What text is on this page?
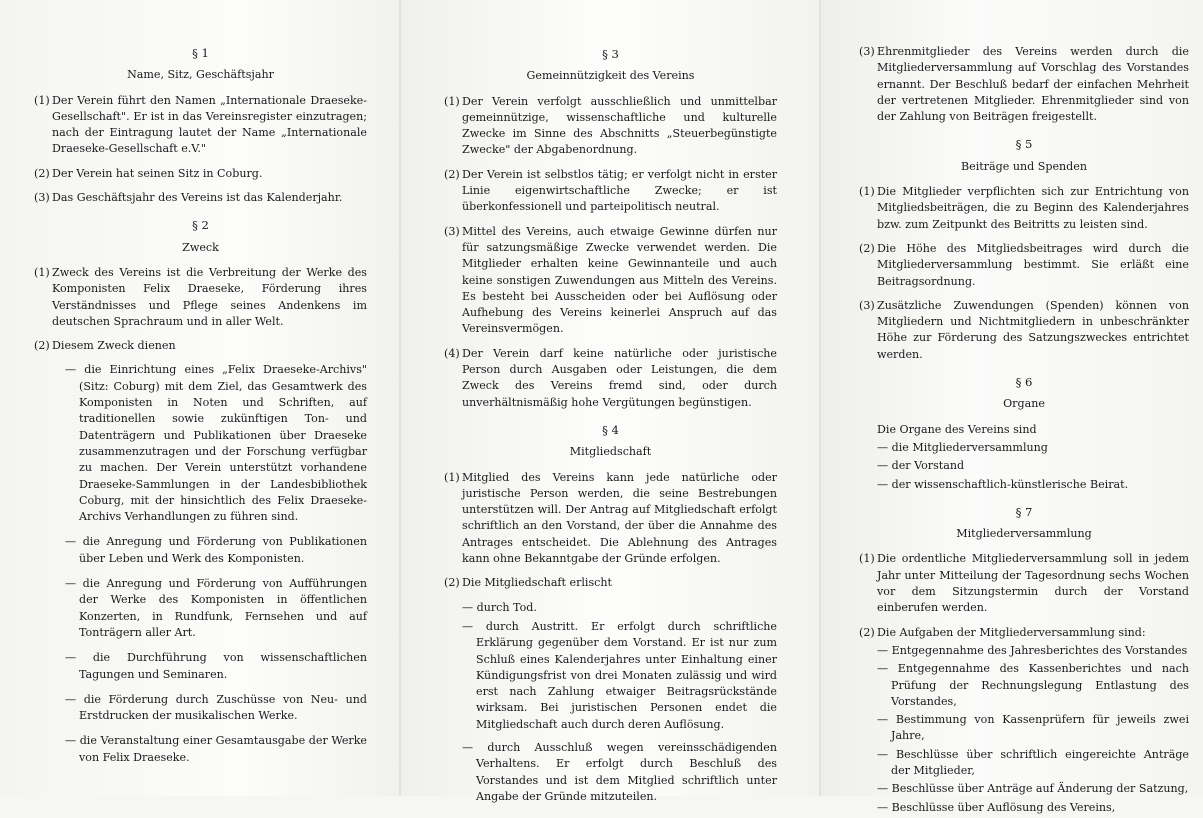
§ 1

Name, Sitz, Geschäftsjahr

(1) Der Verein führt den Namen „Internationale Draeseke-Gesellschaft". Er ist in das Vereinsregister einzutragen; nach der Eintragung lautet der Name „Internationale Draeseke-Gesellschaft e.V."

(2) Der Verein hat seinen Sitz in Coburg.

(3) Das Geschäftsjahr des Vereins ist das Kalenderjahr.

§ 2

Zweck

(1) Zweck des Vereins ist die Verbreitung der Werke des Komponisten Felix Draeseke, Förderung ihres Verständnisses und Pflege seines Andenkens im deutschen Sprachraum und in aller Welt.

(2) Diesem Zweck dienen

— die Einrichtung eines „Felix Draeseke-Archivs" (Sitz: Coburg) mit dem Ziel, das Gesamtwerk des Komponisten in Noten und Schriften, auf traditionellen sowie zukünftigen Ton- und Datenträgern und Publikationen über Draeseke zusammenzutragen und der Forschung verfügbar zu machen. Der Verein unterstützt vorhandene Draeseke-Sammlungen in der Landesbibliothek Coburg, mit der hinsichtlich des Felix Draeseke-Archivs Verhandlungen zu führen sind.
— die Anregung und Förderung von Publikationen über Leben und Werk des Komponisten.
— die Anregung und Förderung von Aufführungen der Werke des Komponisten in öffentlichen Konzerten, in Rundfunk, Fernsehen und auf Tonträgern aller Art.
— die Durchführung von wissenschaftlichen Tagungen und Seminaren.
— die Förderung durch Zuschüsse von Neu- und Erstdrucken der musikalischen Werke.
— die Veranstaltung einer Gesamtausgabe der Werke von Felix Draeseke.

§ 3

Gemeinnützigkeit des Vereins

(1) Der Verein verfolgt ausschließlich und unmittelbar gemeinnützige, wissenschaftliche und kulturelle Zwecke im Sinne des Abschnitts „Steuerbegünstigte Zwecke" der Abgabenordnung.

(2) Der Verein ist selbstlos tätig; er verfolgt nicht in erster Linie eigenwirtschaftliche Zwecke; er ist überkonfessionell und parteipolitisch neutral.

(3) Mittel des Vereins, auch etwaige Gewinne dürfen nur für satzungsmäßige Zwecke verwendet werden. Die Mitglieder erhalten keine Gewinnanteile und auch keine sonstigen Zuwendungen aus Mitteln des Vereins. Es besteht bei Ausscheiden oder bei Auflösung oder Aufhebung des Vereins keinerlei Anspruch auf das Vereinsvermögen.

(4) Der Verein darf keine natürliche oder juristische Person durch Ausgaben oder Leistungen, die dem Zweck des Vereins fremd sind, oder durch unverhältnismäßig hohe Vergütungen begünstigen.

§ 4

Mitgliedschaft

(1) Mitglied des Vereins kann jede natürliche oder juristische Person werden, die seine Bestrebungen unterstützen will. Der Antrag auf Mitgliedschaft erfolgt schriftlich an den Vorstand, der über die Annahme des Antrages entscheidet. Die Ablehnung des Antrages kann ohne Bekanntgabe der Gründe erfolgen.

(2) Die Mitgliedschaft erlischt

— durch Tod.
— durch Austritt. Er erfolgt durch schriftliche Erklärung gegenüber dem Vorstand. Er ist nur zum Schluß eines Kalenderjahres unter Einhaltung einer Kündigungsfrist von drei Monaten zulässig und wird erst nach Zahlung etwaiger Beitragsrückstände wirksam. Bei juristischen Personen endet die Mitgliedschaft auch durch deren Auflösung.
— durch Ausschluß wegen vereinsschädigenden Verhaltens. Er erfolgt durch Beschluß des Vorstandes und ist dem Mitglied schriftlich unter Angabe der Gründe mitzuteilen.

(3) Ehrenmitglieder des Vereins werden durch die Mitgliederversammlung auf Vorschlag des Vorstandes ernannt. Der Beschluß bedarf der einfachen Mehrheit der vertretenen Mitglieder. Ehrenmitglieder sind von der Zahlung von Beiträgen freigestellt.

§ 5

Beiträge und Spenden

(1) Die Mitglieder verpflichten sich zur Entrichtung von Mitgliedsbeiträgen, die zu Beginn des Kalenderjahres bzw. zum Zeitpunkt des Beitritts zu leisten sind.

(2) Die Höhe des Mitgliedsbeitrages wird durch die Mitgliederversammlung bestimmt. Sie erläßt eine Beitragsordnung.

(3) Zusätzliche Zuwendungen (Spenden) können von Mitgliedern und Nichtmitgliedern in unbeschränkter Höhe zur Förderung des Satzungszweckes entrichtet werden.

§ 6

Organe

Die Organe des Vereins sind

— die Mitgliederversammlung
— der Vorstand
— der wissenschaftlich-künstlerische Beirat.

§ 7

Mitgliederversammlung

(1) Die ordentliche Mitgliederversammlung soll in jedem Jahr unter Mitteilung der Tagesordnung sechs Wochen vor dem Sitzungstermin durch der Vorstand einberufen werden.

(2) Die Aufgaben der Mitgliederversammlung sind:

— Entgegennahme des Jahresberichtes des Vorstandes
— Entgegennahme des Kassenberichtes und nach Prüfung der Rechnungslegung Entlastung des Vorstandes,
— Bestimmung von Kassenprüfern für jeweils zwei Jahre,
— Beschlüsse über schriftlich eingereichte Anträge der Mitglieder,
— Beschlüsse über Anträge auf Änderung der Satzung,
— Beschlüsse über Auflösung des Vereins,
